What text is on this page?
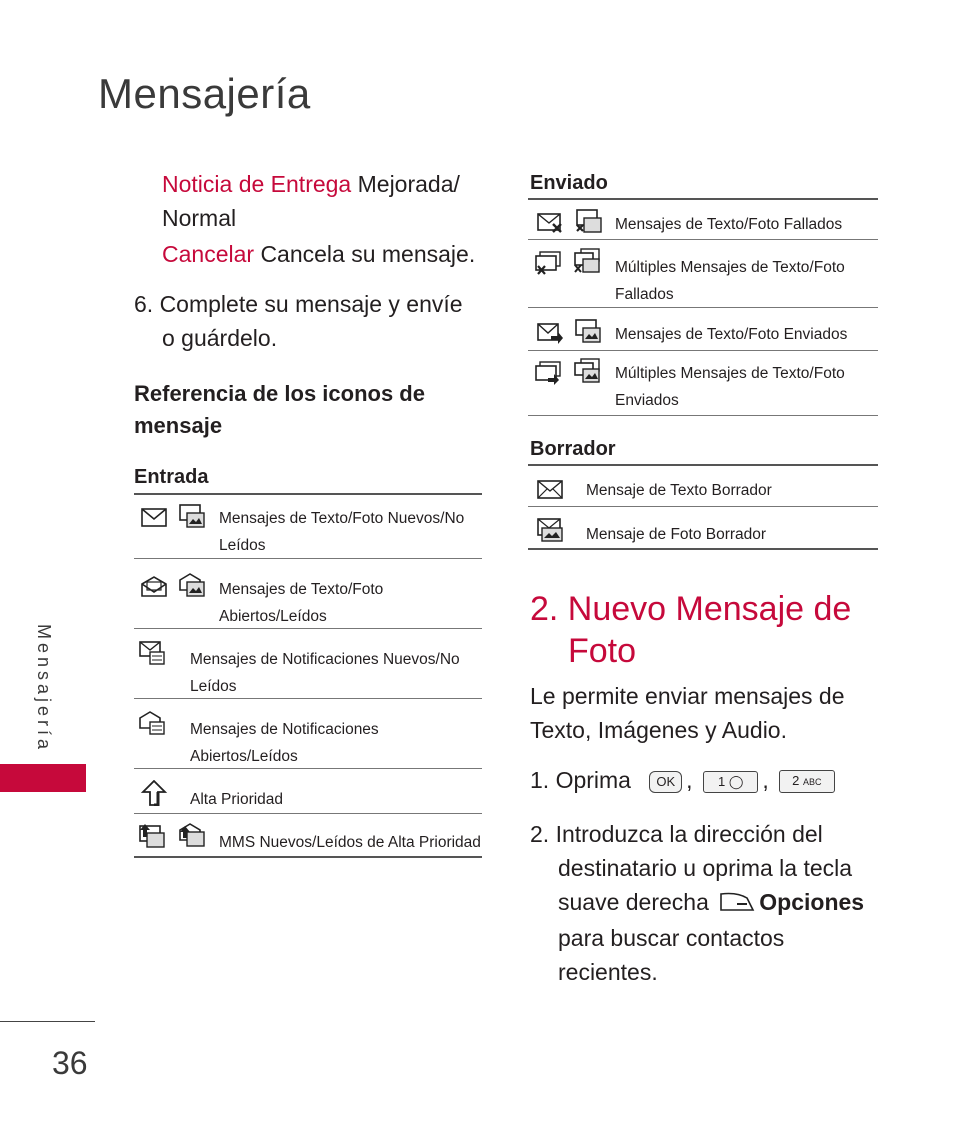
Mensajería
Mensajería
Noticia de Entrega Mejorada/
Normal
Cancelar Cancela su mensaje.
6. Complete su mensaje y envíe
o guárdelo.
Referencia de los iconos de
mensaje
Entrada
Mensajes de Texto/Foto Nuevos/No
Leídos
Mensajes de Texto/Foto
Abiertos/Leídos
Mensajes de Notificaciones Nuevos/No
Leídos
Mensajes de Notificaciones
Abiertos/Leídos
Alta Prioridad
MMS Nuevos/Leídos de Alta Prioridad
Enviado
Mensajes de Texto/Foto Fallados
Múltiples Mensajes de Texto/Foto
Fallados
Mensajes de Texto/Foto Enviados
Múltiples Mensajes de Texto/Foto
Enviados
Borrador
Mensaje de Texto Borrador
Mensaje de Foto Borrador
2. Nuevo Mensaje de
Foto
Le permite enviar mensajes de
Texto, Imágenes y Audio.
1. Oprima OK , 1 ◯ , 2 ABC
2. Introduzca la dirección del
destinatario u oprima la tecla
suave derecha Opciones
para buscar contactos
recientes.
36
